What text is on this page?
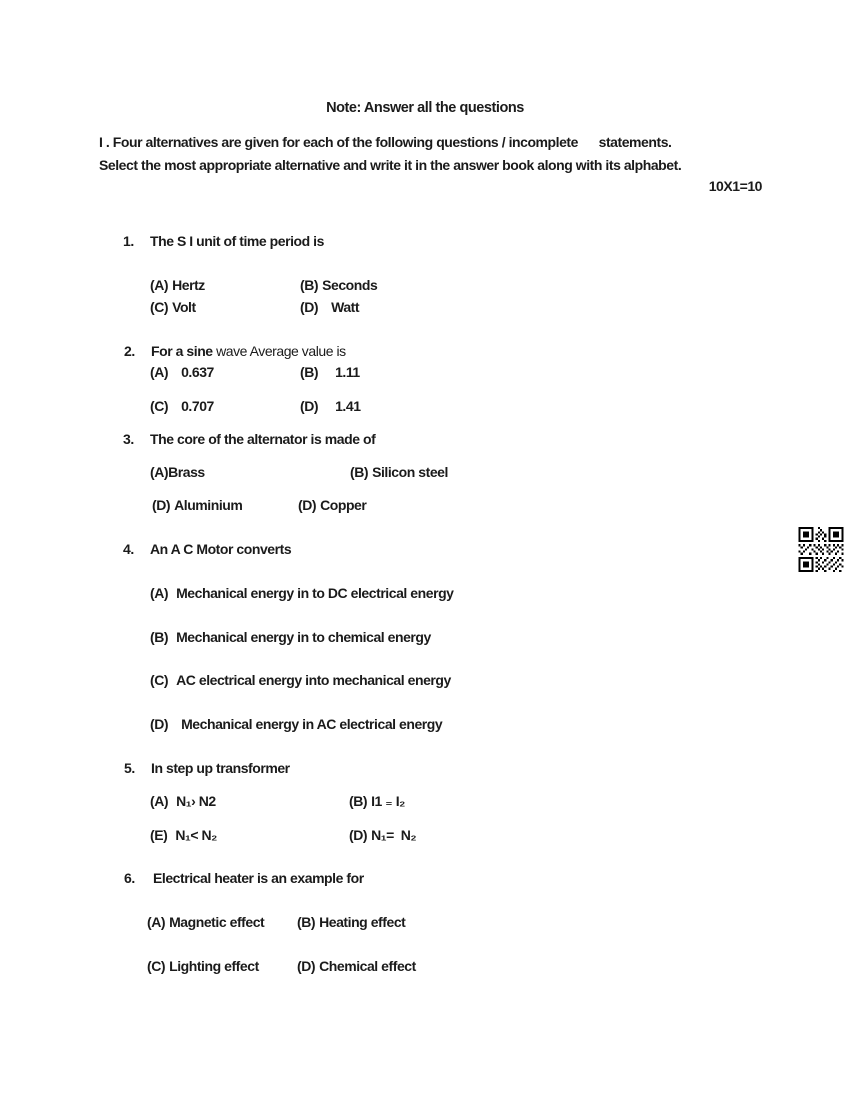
Note: Answer all the questions
I . Four alternatives are given for each of the following questions / incomplete      statements.
Select the most appropriate alternative and write it in the answer book along with its alphabet.
10X1=10
1.	The S I unit of time period is
(A) Hertz	(B) Seconds
(C) Volt	(D) Watt
2.	For a sine wave Average value is
(A) 0.637	(B) 1.11
(C) 0.707	(D) 1.41
3.	The core of the alternator is made of
(A) Brass	(B) Silicon steel
(D) Aluminium	(D) Copper
4.	An A C Motor converts
(A) Mechanical energy in to DC electrical energy
(B) Mechanical energy in to chemical energy
(C) AC electrical energy into mechanical energy
(D) Mechanical energy in AC electrical energy
5.	In step up transformer
(A) N₁› N2	(B) I1 ₌ I₂
(E) N₁< N₂	(D) N₁=  N₂
6.	Electrical heater is an example for
(A) Magnetic effect (B) Heating effect
(C) Lighting effect	(D) Chemical effect
